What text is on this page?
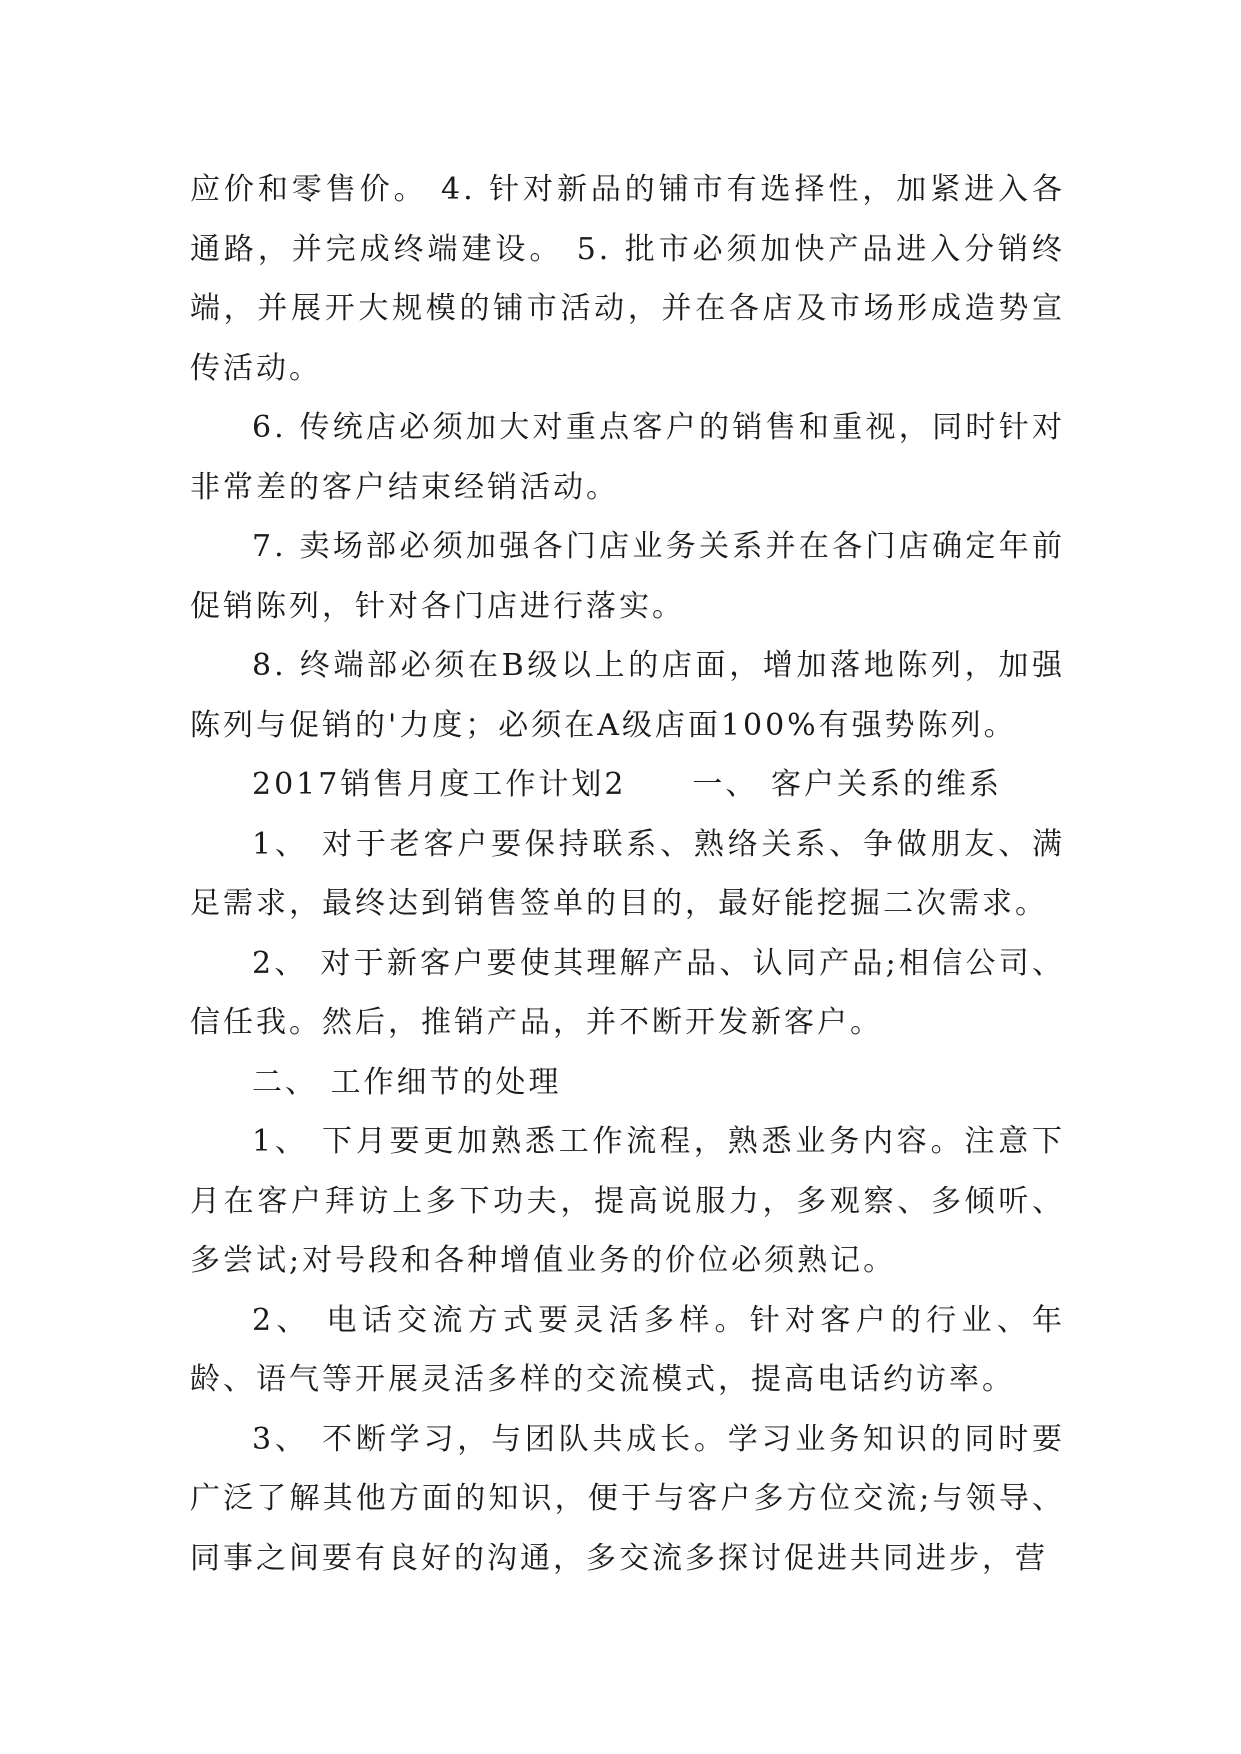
应价和零售价。 4. 针对新品的铺市有选择性，加紧进入各通路，并完成终端建设。 5. 批市必须加快产品进入分销终端，并展开大规模的铺市活动，并在各店及市场形成造势宣传活动。

6. 传统店必须加大对重点客户的销售和重视，同时针对非常差的客户结束经销活动。

7. 卖场部必须加强各门店业务关系并在各门店确定年前促销陈列，针对各门店进行落实。

8. 终端部必须在B级以上的店面，增加落地陈列，加强陈列与促销的'力度；必须在A级店面100%有强势陈列。

2017销售月度工作计划2　　一、 客户关系的维系

1、 对于老客户要保持联系、熟络关系、争做朋友、满足需求，最终达到销售签单的目的，最好能挖掘二次需求。

2、 对于新客户要使其理解产品、认同产品;相信公司、信任我。然后，推销产品，并不断开发新客户。

二、 工作细节的处理

1、 下月要更加熟悉工作流程，熟悉业务内容。注意下月在客户拜访上多下功夫，提高说服力，多观察、多倾听、多尝试;对号段和各种增值业务的价位必须熟记。

2、 电话交流方式要灵活多样。针对客户的行业、年龄、语气等开展灵活多样的交流模式，提高电话约访率。

3、 不断学习，与团队共成长。学习业务知识的同时要广泛了解其他方面的知识，便于与客户多方位交流;与领导、同事之间要有良好的沟通，多交流多探讨促进共同进步，营
